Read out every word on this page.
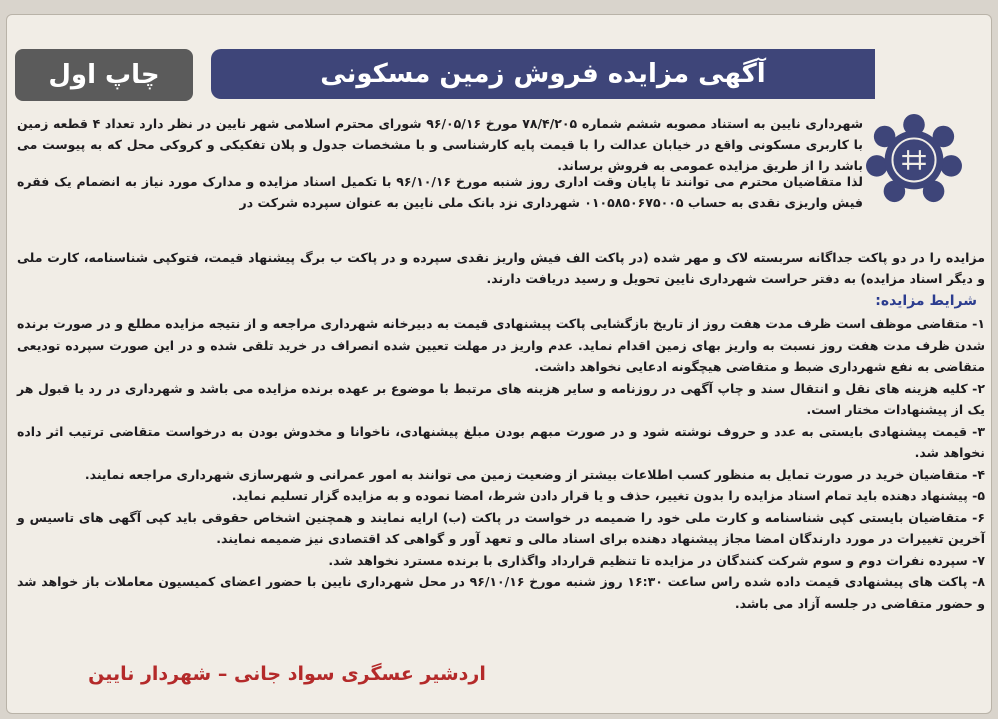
چاپ اول	آگهی مزایده فروش زمین مسکونی

شهرداری نایین به استناد مصوبه ششم شماره ۷۸/۴/۲۰۵ مورخ ۹۶/۰۵/۱۶ شورای محترم اسلامی شهر نایین در نظر دارد تعداد ۴ قطعه زمین با کاربری مسکونی واقع در خیابان عدالت را با قیمت پایه کارشناسی و با مشخصات جدول و پلان تفکیکی و کروکی محل که به پیوست می باشد را از طریق مزایده عمومی به فروش برساند.

لذا متقاضیان محترم می توانند تا پایان وقت اداری روز شنبه مورخ ۹۶/۱۰/۱۶ با تکمیل اسناد مزایده و مدارک مورد نیاز به انضمام یک فقره فیش واریزی نقدی به حساب ۰۱۰۵۸۵۰۶۷۵۰۰۵ شهرداری نزد بانک ملی نایین به عنوان سپرده شرکت در

مزایده را در دو پاکت جداگانه سربسته لاک و مهر شده (در پاکت الف فیش واریز نقدی سپرده و در پاکت ب برگ پیشنهاد قیمت، فتوکپی شناسنامه، کارت ملی و دیگر اسناد مزایده) به دفتر حراست شهرداری نایین تحویل و رسید دریافت دارند.

شرایط مزایده:

۱- متقاضی موظف است ظرف مدت هفت روز از تاریخ بازگشایی پاکت پیشنهادی قیمت به دبیرخانه شهرداری مراجعه و از نتیجه مزایده مطلع و در صورت برنده شدن ظرف مدت هفت روز نسبت به واریز بهای زمین اقدام نماید. عدم واریز در مهلت تعیین شده انصراف در خرید تلقی شده و در این صورت سپرده تودیعی متقاضی به نفع شهرداری ضبط و متقاضی هیچگونه ادعایی نخواهد داشت.

۲- کلیه هزینه های نقل و انتقال سند و چاپ آگهی در روزنامه و سایر هزینه های مرتبط با موضوع بر عهده برنده مزایده می باشد و شهرداری در رد یا قبول هر یک از پیشنهادات مختار است.

۳- قیمت پیشنهادی بایستی به عدد و حروف نوشته شود و در صورت مبهم بودن مبلغ پیشنهادی، ناخوانا و مخدوش بودن به درخواست متقاضی ترتیب اثر داده نخواهد شد.

۴- متقاضیان خرید در صورت تمایل به منظور کسب اطلاعات بیشتر از وضعیت زمین می توانند به امور عمرانی و شهرسازی شهرداری مراجعه نمایند.

۵- پیشنهاد دهنده باید تمام اسناد مزایده را بدون تغییر، حذف و یا قرار دادن شرط، امضا نموده و به مزایده گزار تسلیم نماید.

۶- متقاضیان بایستی کپی شناسنامه و کارت ملی خود را ضمیمه در خواست در پاکت (ب) ارایه نمایند و همچنین اشخاص حقوقی باید کپی آگهی های تاسیس و آخرین تغییرات در مورد دارندگان امضا مجاز پیشنهاد دهنده برای اسناد مالی و تعهد آور و گواهی کد اقتصادی نیز ضمیمه نمایند.

۷- سپرده نفرات دوم و سوم شرکت کنندگان در مزایده تا تنظیم قرارداد واگذاری با برنده مسترد نخواهد شد.

۸- پاکت های پیشنهادی قیمت داده شده راس ساعت ۱۶:۳۰ روز شنبه مورخ ۹۶/۱۰/۱۶ در محل شهرداری نایین با حضور اعضای کمیسیون معاملات باز خواهد شد و حضور متقاضی در جلسه آزاد می باشد.

اردشیر عسگری سواد جانی – شهردار نایین
